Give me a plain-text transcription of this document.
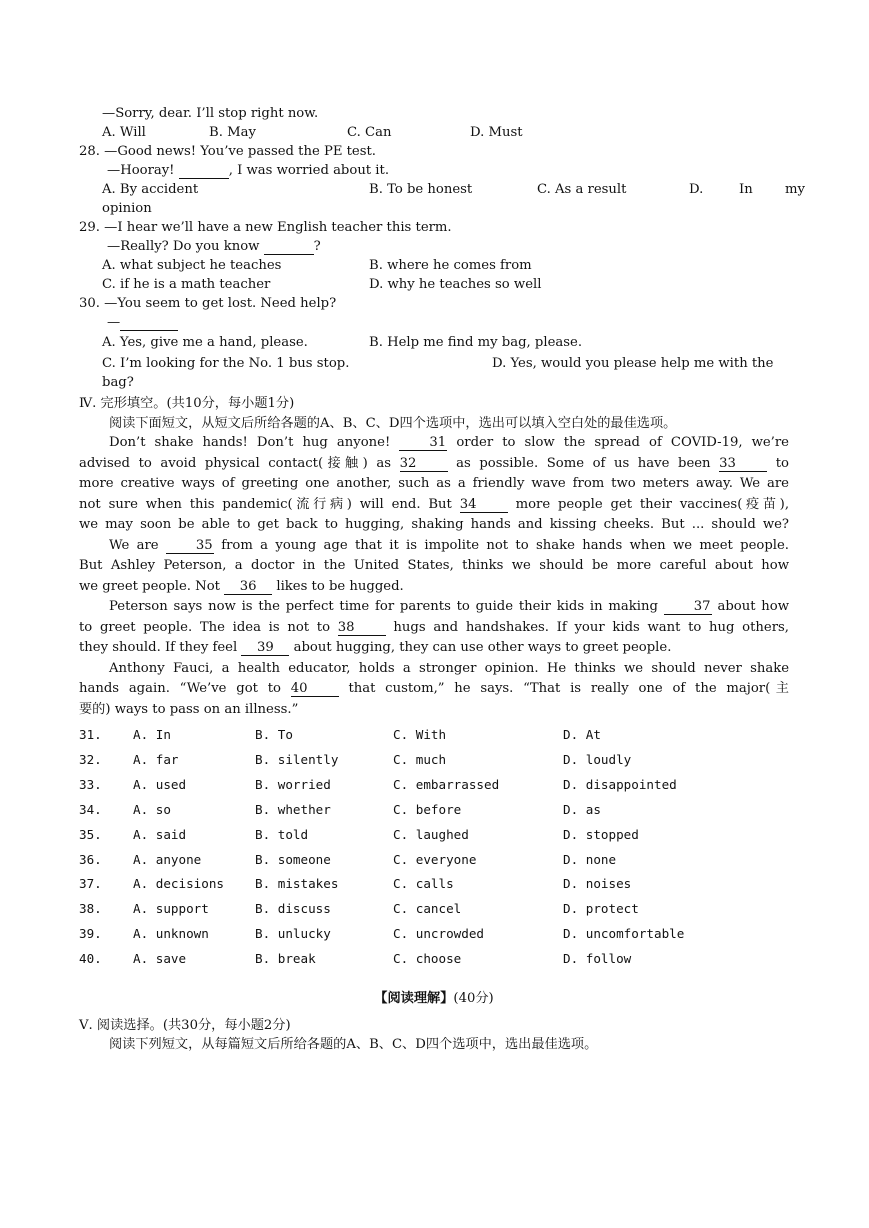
—Sorry, dear. I’ll stop right now.
A. Will	B. May	C. Can	D. Must
28. —Good news! You’ve passed the PE test.
—Hooray!	, I was worried about it.
A. By accident	B. To be honest	C. As a result	D.	In my
opinion
29. —I hear we’ll have a new English teacher this term.
—Really? Do you know	?
A. what subject he teaches	B. where he comes from
C. if he is a math teacher	D. why he teaches so well
30. —You seem to get lost. Need help?
—
A. Yes, give me a hand, please.	B. Help me find my bag, please.
C. I’m looking for the No. 1 bus stop.	D. Yes, would you please help me with the
bag?
Ⅳ. 完形填空。(共10分，每小题1分)
阅读下面短文，从短文后所给各题的A、B、C、D四个选项中，选出可以填入空白处的最佳选项。

Don’t shake hands! Don’t hug anyone!	31 order to slow the spread of COVID-19, we’re

advised to avoid physical contact(接触) as 32	as possible. Some of us have been 33	to
more creative ways of greeting one another, such as a friendly wave from two meters away. We are
not sure when this pandemic(流行病) will end. But 34	more people get their vaccines(疫苗),
we may soon be able to get back to hugging, shaking hands and kissing cheeks. But ... should we?

We are	35 from a young age that it is impolite not to shake hands when we meet people.

But Ashley Peterson, a doctor in the United States, thinks we should be more careful about how
we greet people. Not 36 likes to be hugged.

Peterson says now is the perfect time for parents to guide their kids in making	37 about how

to greet people. The idea is not to 38	hugs and handshakes. If your kids want to hug others,
they should. If they feel 39 about hugging, they can use other ways to greet people.

Anthony Fauci, a health educator, holds a stronger opinion. He thinks we should never shake

hands again. “We’ve got to 40	that custom,” he says. “That is really one of the major(主
要的) ways to pass on an illness.”
31.	A. In	B. To	C. With	D. At
32.	A. far	B. silently	C. much	D. loudly
33.	A. used	B. worried	C. embarrassed	D. disappointed
34.	A. so	B. whether	C. before	D. as
35.	A. said	B. told	C. laughed	D. stopped
36.	A. anyone	B. someone	C. everyone	D. none
37.	A. decisions	B. mistakes	C. calls	D. noises
38.	A. support	B. discuss	C. cancel	D. protect
39.	A. unknown	B. unlucky	C. uncrowded	D. uncomfortable
40.	A. save	B. break	C. choose	D. follow
【阅读理解】(40分)
Ⅴ. 阅读选择。(共30分，每小题2分)
阅读下列短文，从每篇短文后所给各题的A、B、C、D四个选项中，选出最佳选项。
